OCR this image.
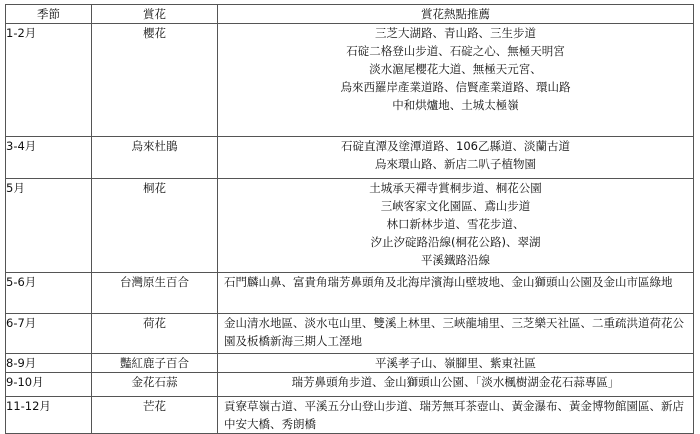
季節	賞花	賞花熱點推薦
1-2月	櫻花	三芝大湖路、青山路、三生步道
石碇二格登山步道、石碇之心、無極天明宮
淡水滬尾櫻花大道、無極天元宮、
烏來西羅岸產業道路、信賢產業道路、環山路
中和烘爐地、土城太極嶺

3-4月	烏來杜鵑	石碇直潭及塗潭道路、106乙縣道、淡蘭古道
烏來環山路、新店二叭子植物園

5月	桐花	土城承天禪寺賞桐步道、桐花公園
三峽客家文化園區、鳶山步道
林口新林步道、雪花步道、
汐止汐碇路沿線(桐花公路)、翠湖
平溪鐵路沿線

5-6月	台灣原生百合	石門麟山鼻、富貴角瑞芳鼻頭角及北海岸濱海山壁坡地、金山獅頭山公園及金山市區綠地

6-7月	荷花	金山清水地區、淡水屯山里、雙溪上林里、三峽龍埔里、三芝樂天社區、二重疏洪道荷花公園及板橋新海三期人工溼地

8-9月	豔紅鹿子百合	平溪孝子山、嶺腳里、紫東社區

9-10月	金花石蒜	瑞芳鼻頭角步道、金山獅頭山公園、「淡水楓樹湖金花石蒜專區」

11-12月	芒花	貢寮草嶺古道、平溪五分山登山步道、瑞芳無耳茶壺山、黃金瀑布、黃金博物館園區、新店中安大橋、秀朗橋
